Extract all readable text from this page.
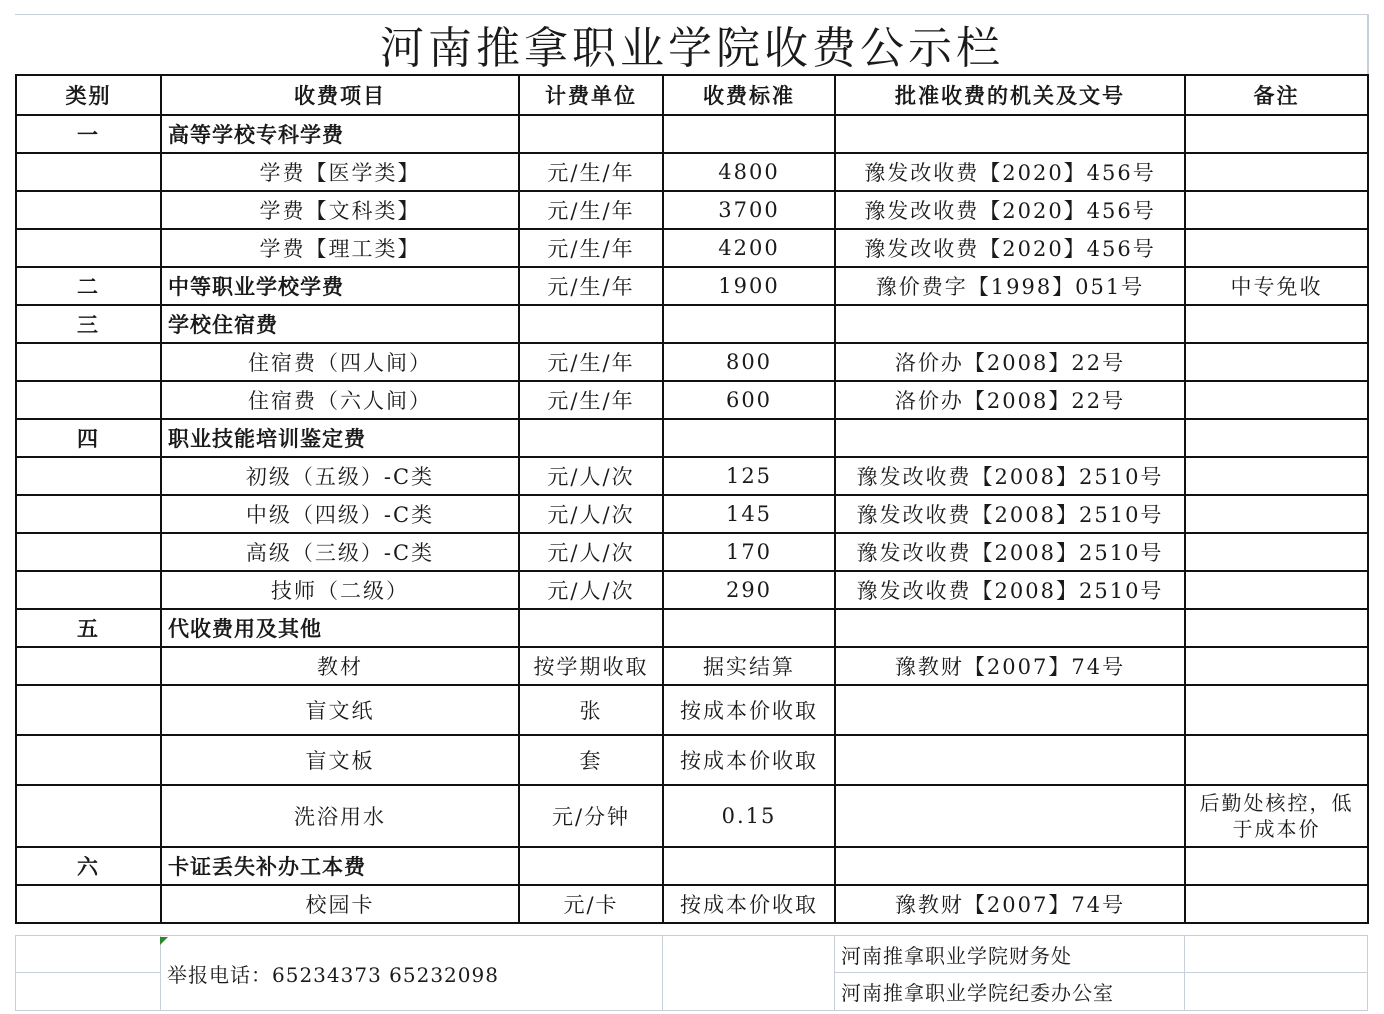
河南推拿职业学院收费公示栏
类别	收费项目	计费单位	收费标准	批准收费的机关及文号	备注
一	高等学校专科学费				
	学费【医学类】	元/生/年	4800	豫发改收费【2020】456号	
	学费【文科类】	元/生/年	3700	豫发改收费【2020】456号	
	学费【理工类】	元/生/年	4200	豫发改收费【2020】456号	
二	中等职业学校学费	元/生/年	1900	豫价费字【1998】051号	中专免收
三	学校住宿费				
	住宿费（四人间）	元/生/年	800	洛价办【2008】22号	
	住宿费（六人间）	元/生/年	600	洛价办【2008】22号	
四	职业技能培训鉴定费				
	初级（五级）-C类	元/人/次	125	豫发改收费【2008】2510号	
	中级（四级）-C类	元/人/次	145	豫发改收费【2008】2510号	
	高级（三级）-C类	元/人/次	170	豫发改收费【2008】2510号	
	技师（二级）	元/人/次	290	豫发改收费【2008】2510号	
五	代收费用及其他				
	教材	按学期收取	据实结算	豫教财【2007】74号	
	盲文纸	张	按成本价收取		
	盲文板	套	按成本价收取		
	洗浴用水	元/分钟	0.15		后勤处核控，低于成本价
六	卡证丢失补办工本费				
	校园卡	元/卡	按成本价收取	豫教财【2007】74号	
	举报电话：65234373 65232098		河南推拿职业学院财务处	
			河南推拿职业学院纪委办公室	
